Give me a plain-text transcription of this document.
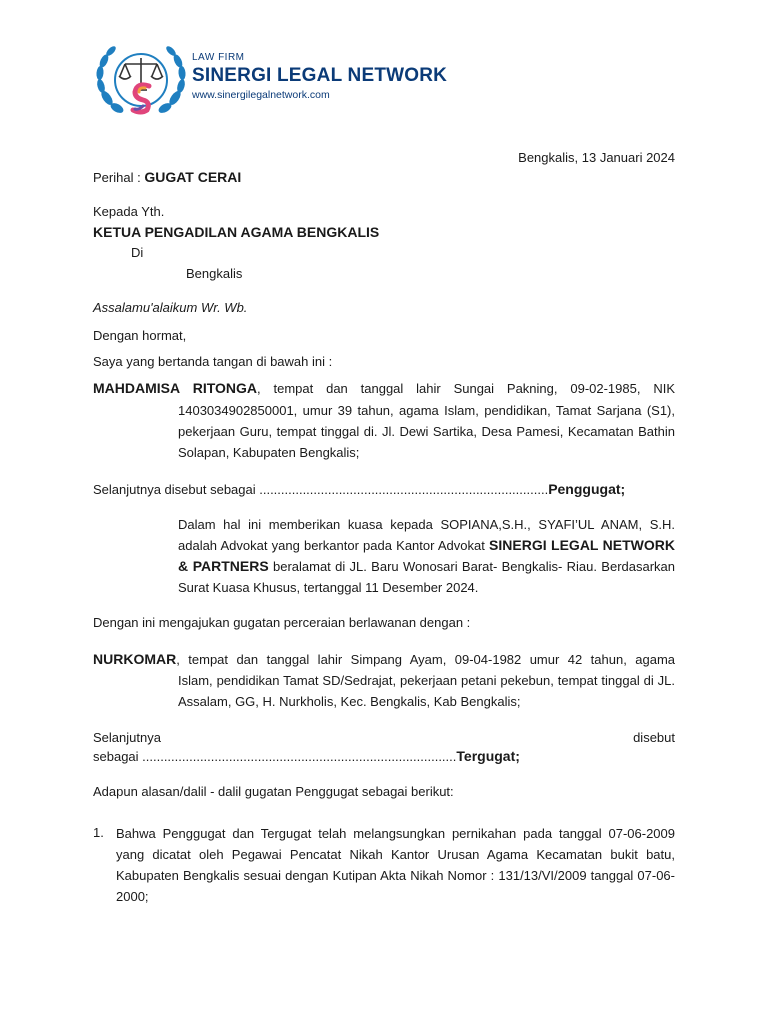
LAW FIRM
SINERGI LEGAL NETWORK
www.sinergilegalnetwork.com
Bengkalis, 13 Januari 2024
Perihal : GUGAT CERAI
Kepada Yth.
KETUA PENGADILAN AGAMA BENGKALIS
Di
Bengkalis
Assalamu'alaikum Wr. Wb.
Dengan hormat,
Saya yang bertanda tangan di bawah ini :
MAHDAMISA RITONGA, tempat dan tanggal lahir Sungai Pakning, 09-02-1985, NIK
1403034902850001, umur 39 tahun, agama Islam, pendidikan, Tamat Sarjana (S1), pekerjaan Guru, tempat tinggal di. Jl. Dewi Sartika, Desa Pamesi, Kecamatan Bathin Solapan, Kabupaten Bengkalis;
Selanjutnya disebut sebagai ................................................................................Penggugat;
Dalam hal ini memberikan kuasa kepada SOPIANA,S.H., SYAFI’UL ANAM, S.H. adalah Advokat yang berkantor pada Kantor Advokat SINERGI LEGAL NETWORK & PARTNERS beralamat di JL. Baru Wonosari Barat- Bengkalis- Riau. Berdasarkan Surat Kuasa Khusus, tertanggal 11 Desember 2024.
Dengan ini mengajukan gugatan perceraian berlawanan dengan :
NURKOMAR, tempat dan tanggal lahir Simpang Ayam, 09-04-1982 umur 42 tahun, agama
Islam, pendidikan Tamat SD/Sedrajat, pekerjaan petani pekebun, tempat tinggal di JL. Assalam, GG, H. Nurkholis, Kec. Bengkalis, Kab Bengkalis;
Selanjutnya	disebut
sebagai .......................................................................................Tergugat;
Adapun alasan/dalil - dalil gugatan Penggugat sebagai berikut:
1. Bahwa Penggugat dan Tergugat telah melangsungkan pernikahan pada tanggal 07-06-2009 yang dicatat oleh Pegawai Pencatat Nikah Kantor Urusan Agama Kecamatan bukit batu, Kabupaten Bengkalis sesuai dengan Kutipan Akta Nikah Nomor : 131/13/VI/2009 tanggal 07-06-2000;
